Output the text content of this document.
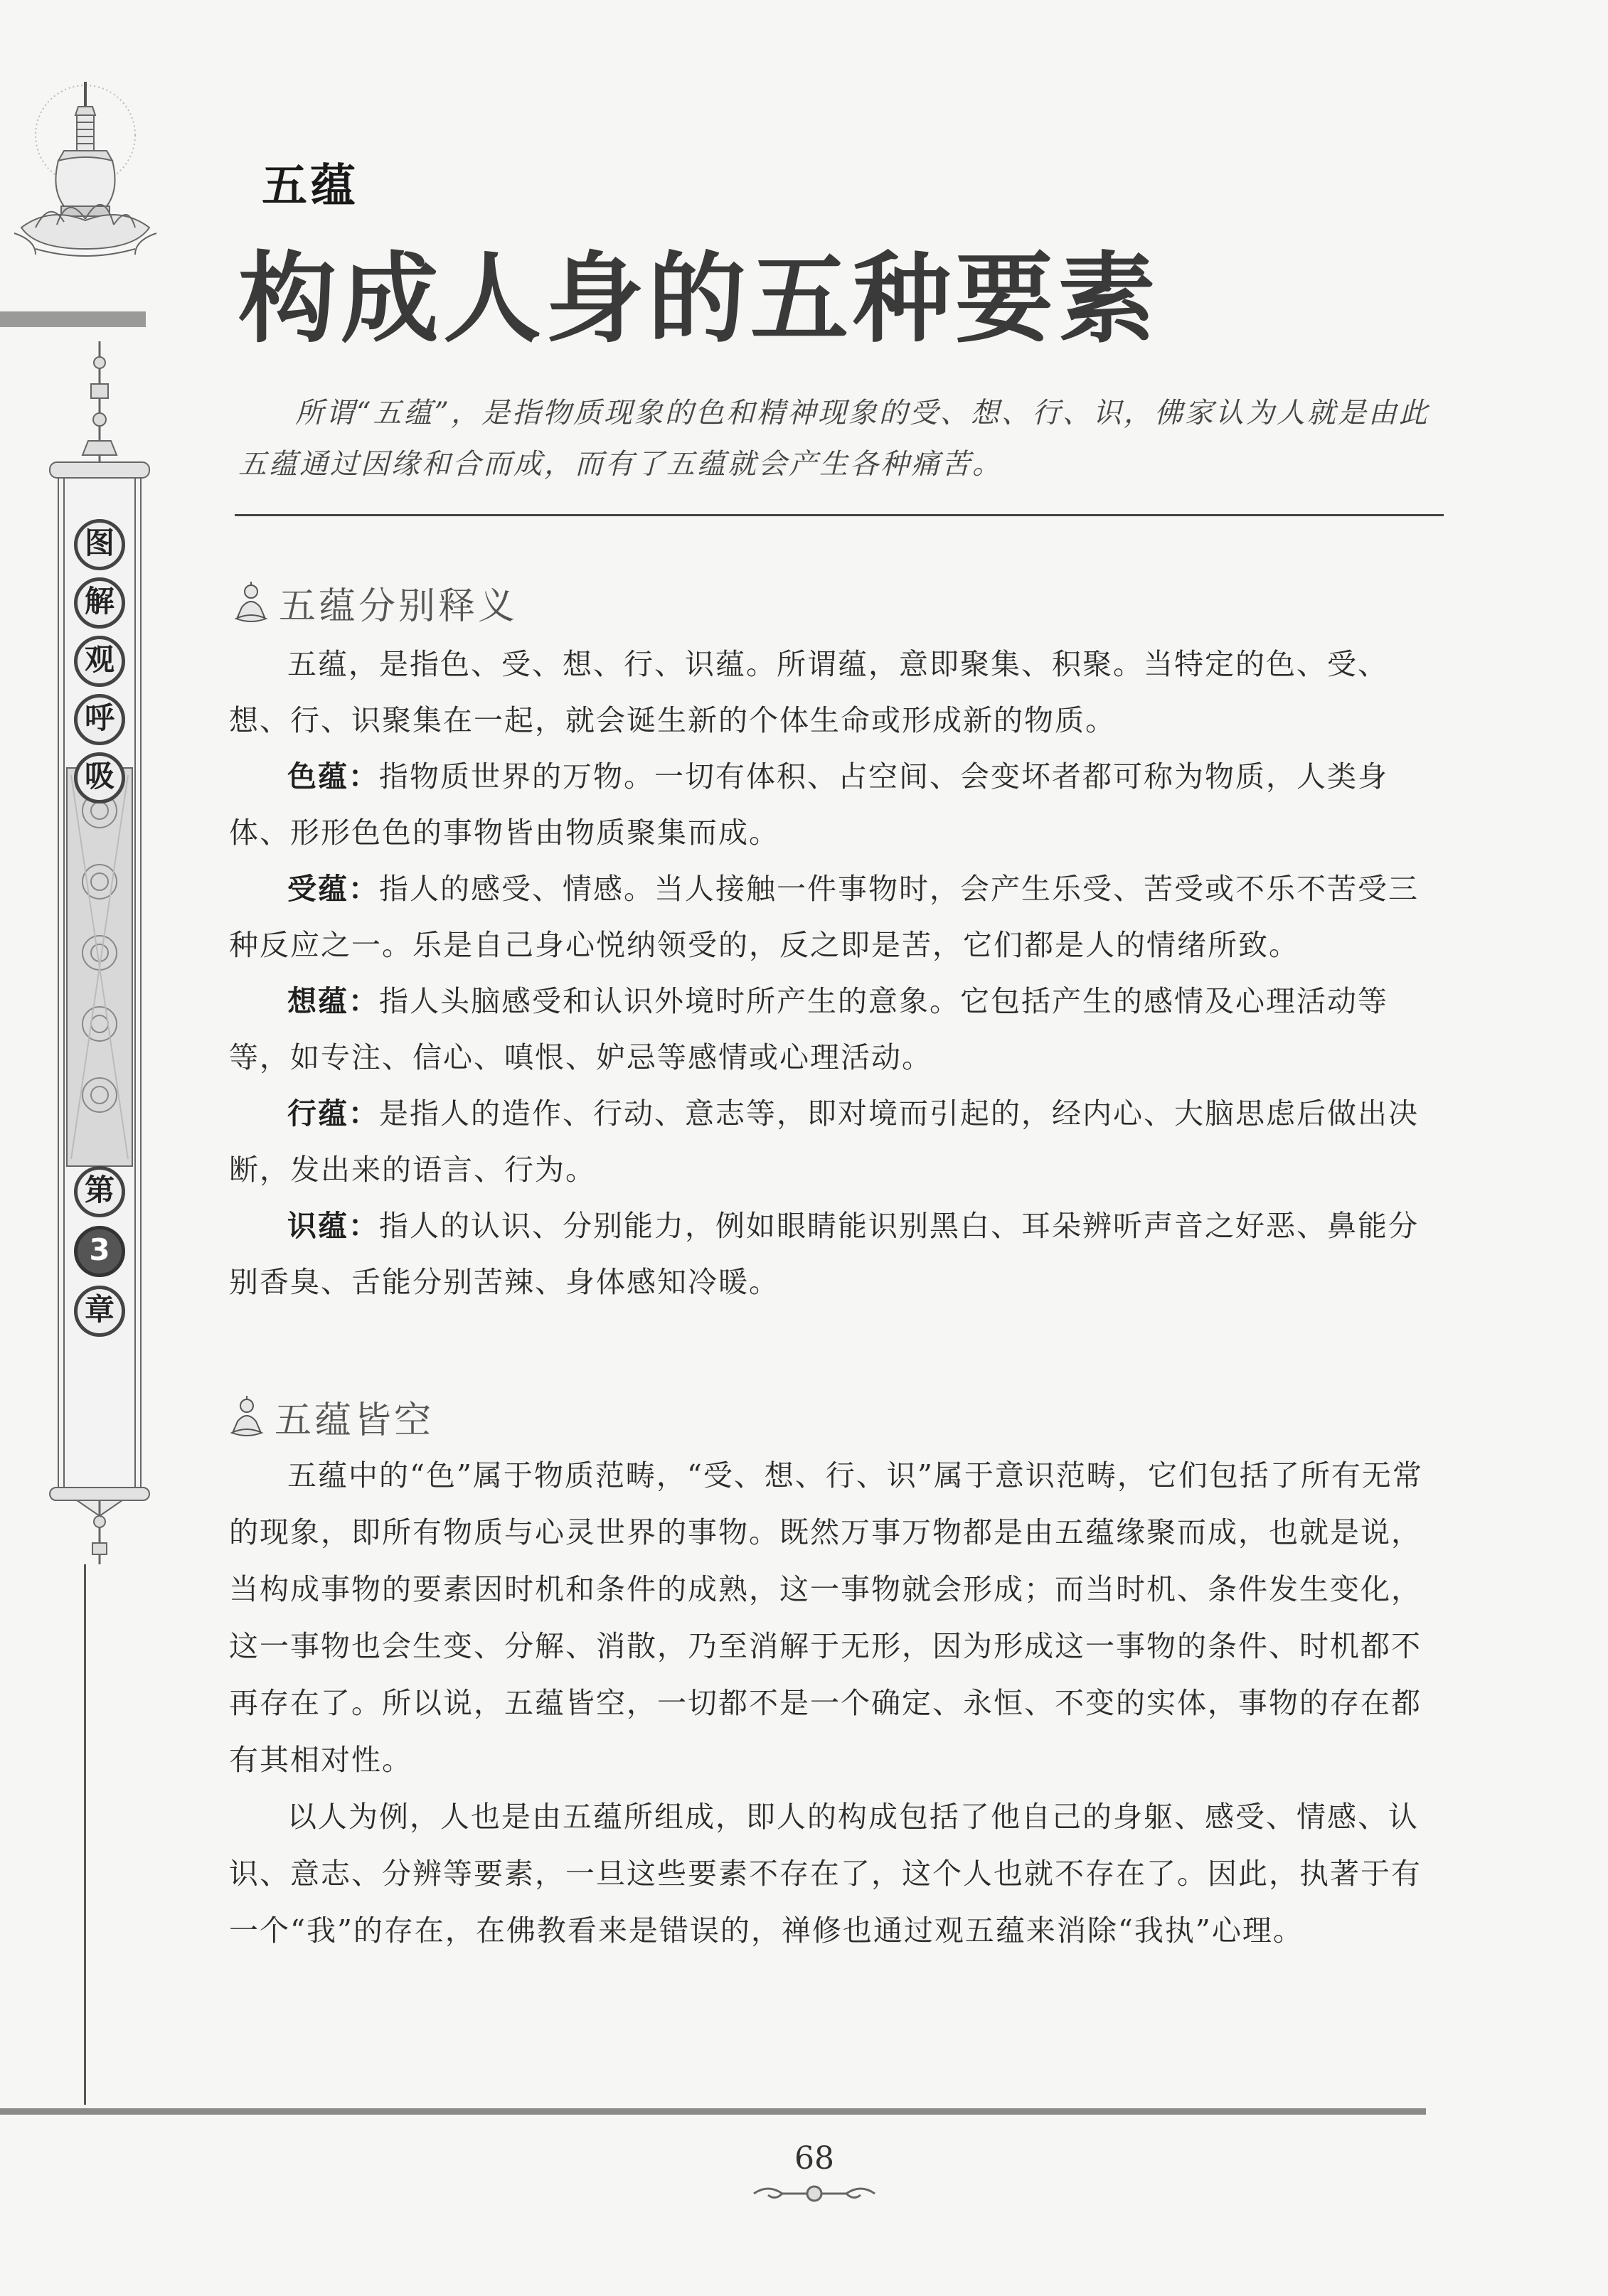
图
解
观
呼
吸
第
3
章
五蕴
构成人身的五种要素

所谓“五蕴”，是指物质现象的色和精神现象的受、想、行、识，佛家认为人就是由此五蕴通过因缘和合而成，而有了五蕴就会产生各种痛苦。

五蕴分别释义

五蕴，是指色、受、想、行、识蕴。所谓蕴，意即聚集、积聚。当特定的色、受、想、行、识聚集在一起，就会诞生新的个体生命或形成新的物质。

色蕴：指物质世界的万物。一切有体积、占空间、会变坏者都可称为物质，人类身体、形形色色的事物皆由物质聚集而成。

受蕴：指人的感受、情感。当人接触一件事物时，会产生乐受、苦受或不乐不苦受三种反应之一。乐是自己身心悦纳领受的，反之即是苦，它们都是人的情绪所致。

想蕴：指人头脑感受和认识外境时所产生的意象。它包括产生的感情及心理活动等等，如专注、信心、嗔恨、妒忌等感情或心理活动。

行蕴：是指人的造作、行动、意志等，即对境而引起的，经内心、大脑思虑后做出决断，发出来的语言、行为。

识蕴：指人的认识、分别能力，例如眼睛能识别黑白、耳朵辨听声音之好恶、鼻能分别香臭、舌能分别苦辣、身体感知冷暖。

五蕴皆空

五蕴中的“色”属于物质范畴，“受、想、行、识”属于意识范畴，它们包括了所有无常的现象，即所有物质与心灵世界的事物。既然万事万物都是由五蕴缘聚而成，也就是说，当构成事物的要素因时机和条件的成熟，这一事物就会形成；而当时机、条件发生变化，这一事物也会生变、分解、消散，乃至消解于无形，因为形成这一事物的条件、时机都不再存在了。所以说，五蕴皆空，一切都不是一个确定、永恒、不变的实体，事物的存在都有其相对性。

以人为例，人也是由五蕴所组成，即人的构成包括了他自己的身躯、感受、情感、认识、意志、分辨等要素，一旦这些要素不存在了，这个人也就不存在了。因此，执著于有一个“我”的存在，在佛教看来是错误的，禅修也通过观五蕴来消除“我执”心理。

68
